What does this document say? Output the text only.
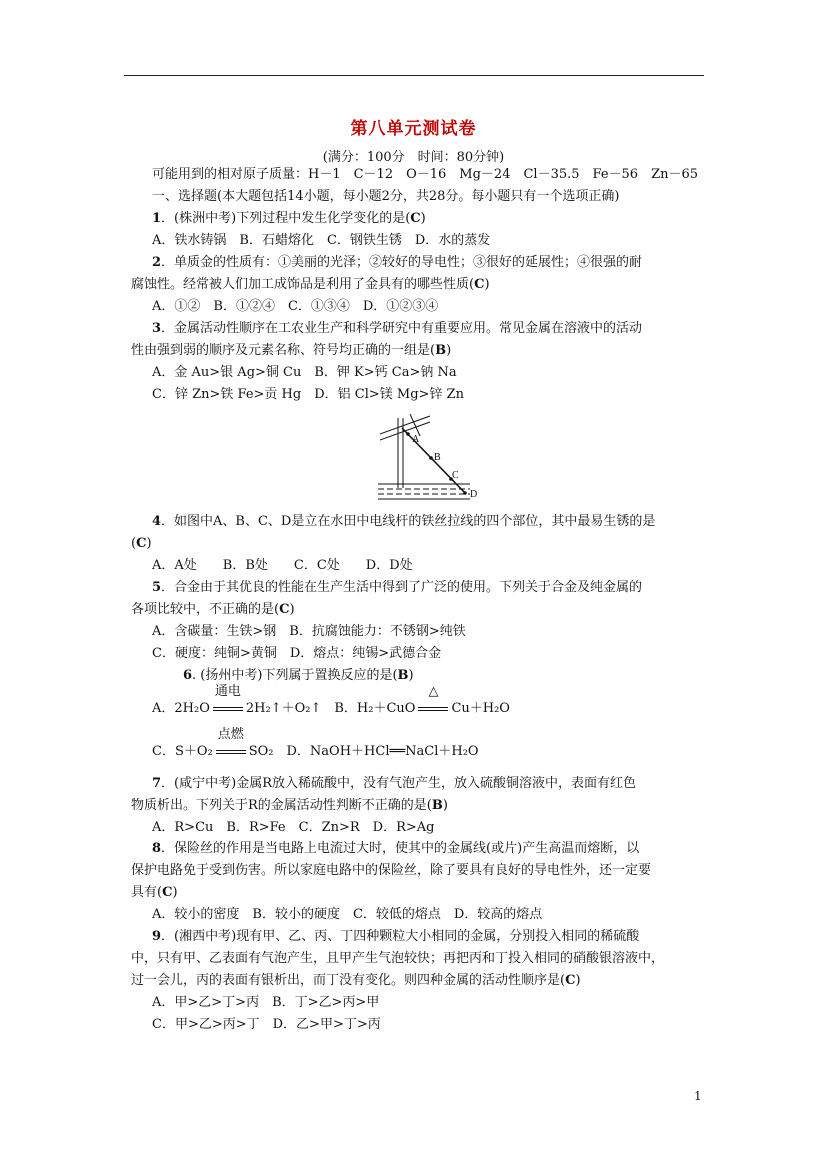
第八单元测试卷
(满分：100分　时间：80分钟)
可能用到的相对原子质量：H－1　C－12　O－16　Mg－24　Cl－35.5　Fe－56　Zn－65
一、选择题(本大题包括14小题，每小题2分，共28分。每小题只有一个选项正确)
1．(株洲中考)下列过程中发生化学变化的是(C)
A．铁水铸锅　B．石蜡熔化　C．钢铁生锈　D．水的蒸发
2．单质金的性质有：①美丽的光泽；②较好的导电性；③很好的延展性；④很强的耐
腐蚀性。经常被人们加工成饰品是利用了金具有的哪些性质(C)
A．①②　B．①②④　C．①③④　D．①②③④
3．金属活动性顺序在工农业生产和科学研究中有重要应用。常见金属在溶液中的活动
性由强到弱的顺序及元素名称、符号均正确的一组是(B)
A．金 Au>银 Ag>铜 Cu　B．钾 K>钙 Ca>钠 Na
C．锌 Zn>铁 Fe>贡 Hg　D．铝 Cl>镁 Mg>锌 Zn
A
B
C
D
4．如图中A、B、C、D是立在水田中电线杆的铁丝拉线的四个部位，其中最易生锈的是
(C)
A．A处　　B．B处　　C．C处　　D．D处
5．合金由于其优良的性能在生产生活中得到了广泛的使用。下列关于合金及纯金属的
各项比较中，不正确的是(C)
A．含碳量：生铁>钢　B．抗腐蚀能力：不锈钢>纯铁
C．硬度：纯铜>黄铜　D．熔点：纯锡>武德合金
6. (扬州中考)下列属于置换反应的是(B)
A．2H₂O
通电
2H₂↑＋O₂↑　B．H₂＋CuO
△
Cu＋H₂O
C．S＋O₂
点燃
SO₂　D．NaOH＋HCl══NaCl＋H₂O
7．(咸宁中考)金属R放入稀硫酸中，没有气泡产生，放入硫酸铜溶液中，表面有红色
物质析出。下列关于R的金属活动性判断不正确的是(B)
A．R>Cu　B．R>Fe　C．Zn>R　D．R>Ag
8．保险丝的作用是当电路上电流过大时，使其中的金属线(或片)产生高温而熔断，以
保护电路免于受到伤害。所以家庭电路中的保险丝，除了要具有良好的导电性外，还一定要
具有(C)
A．较小的密度　B．较小的硬度　C．较低的熔点　D．较高的熔点
9．(湘西中考)现有甲、乙、丙、丁四种颗粒大小相同的金属，分别投入相同的稀硫酸
中，只有甲、乙表面有气泡产生，且甲产生气泡较快；再把丙和丁投入相同的硝酸银溶液中，
过一会儿，丙的表面有银析出，而丁没有变化。则四种金属的活动性顺序是(C)
A．甲>乙>丁>丙　B．丁>乙>丙>甲
C．甲>乙>丙>丁　D．乙>甲>丁>丙
1
